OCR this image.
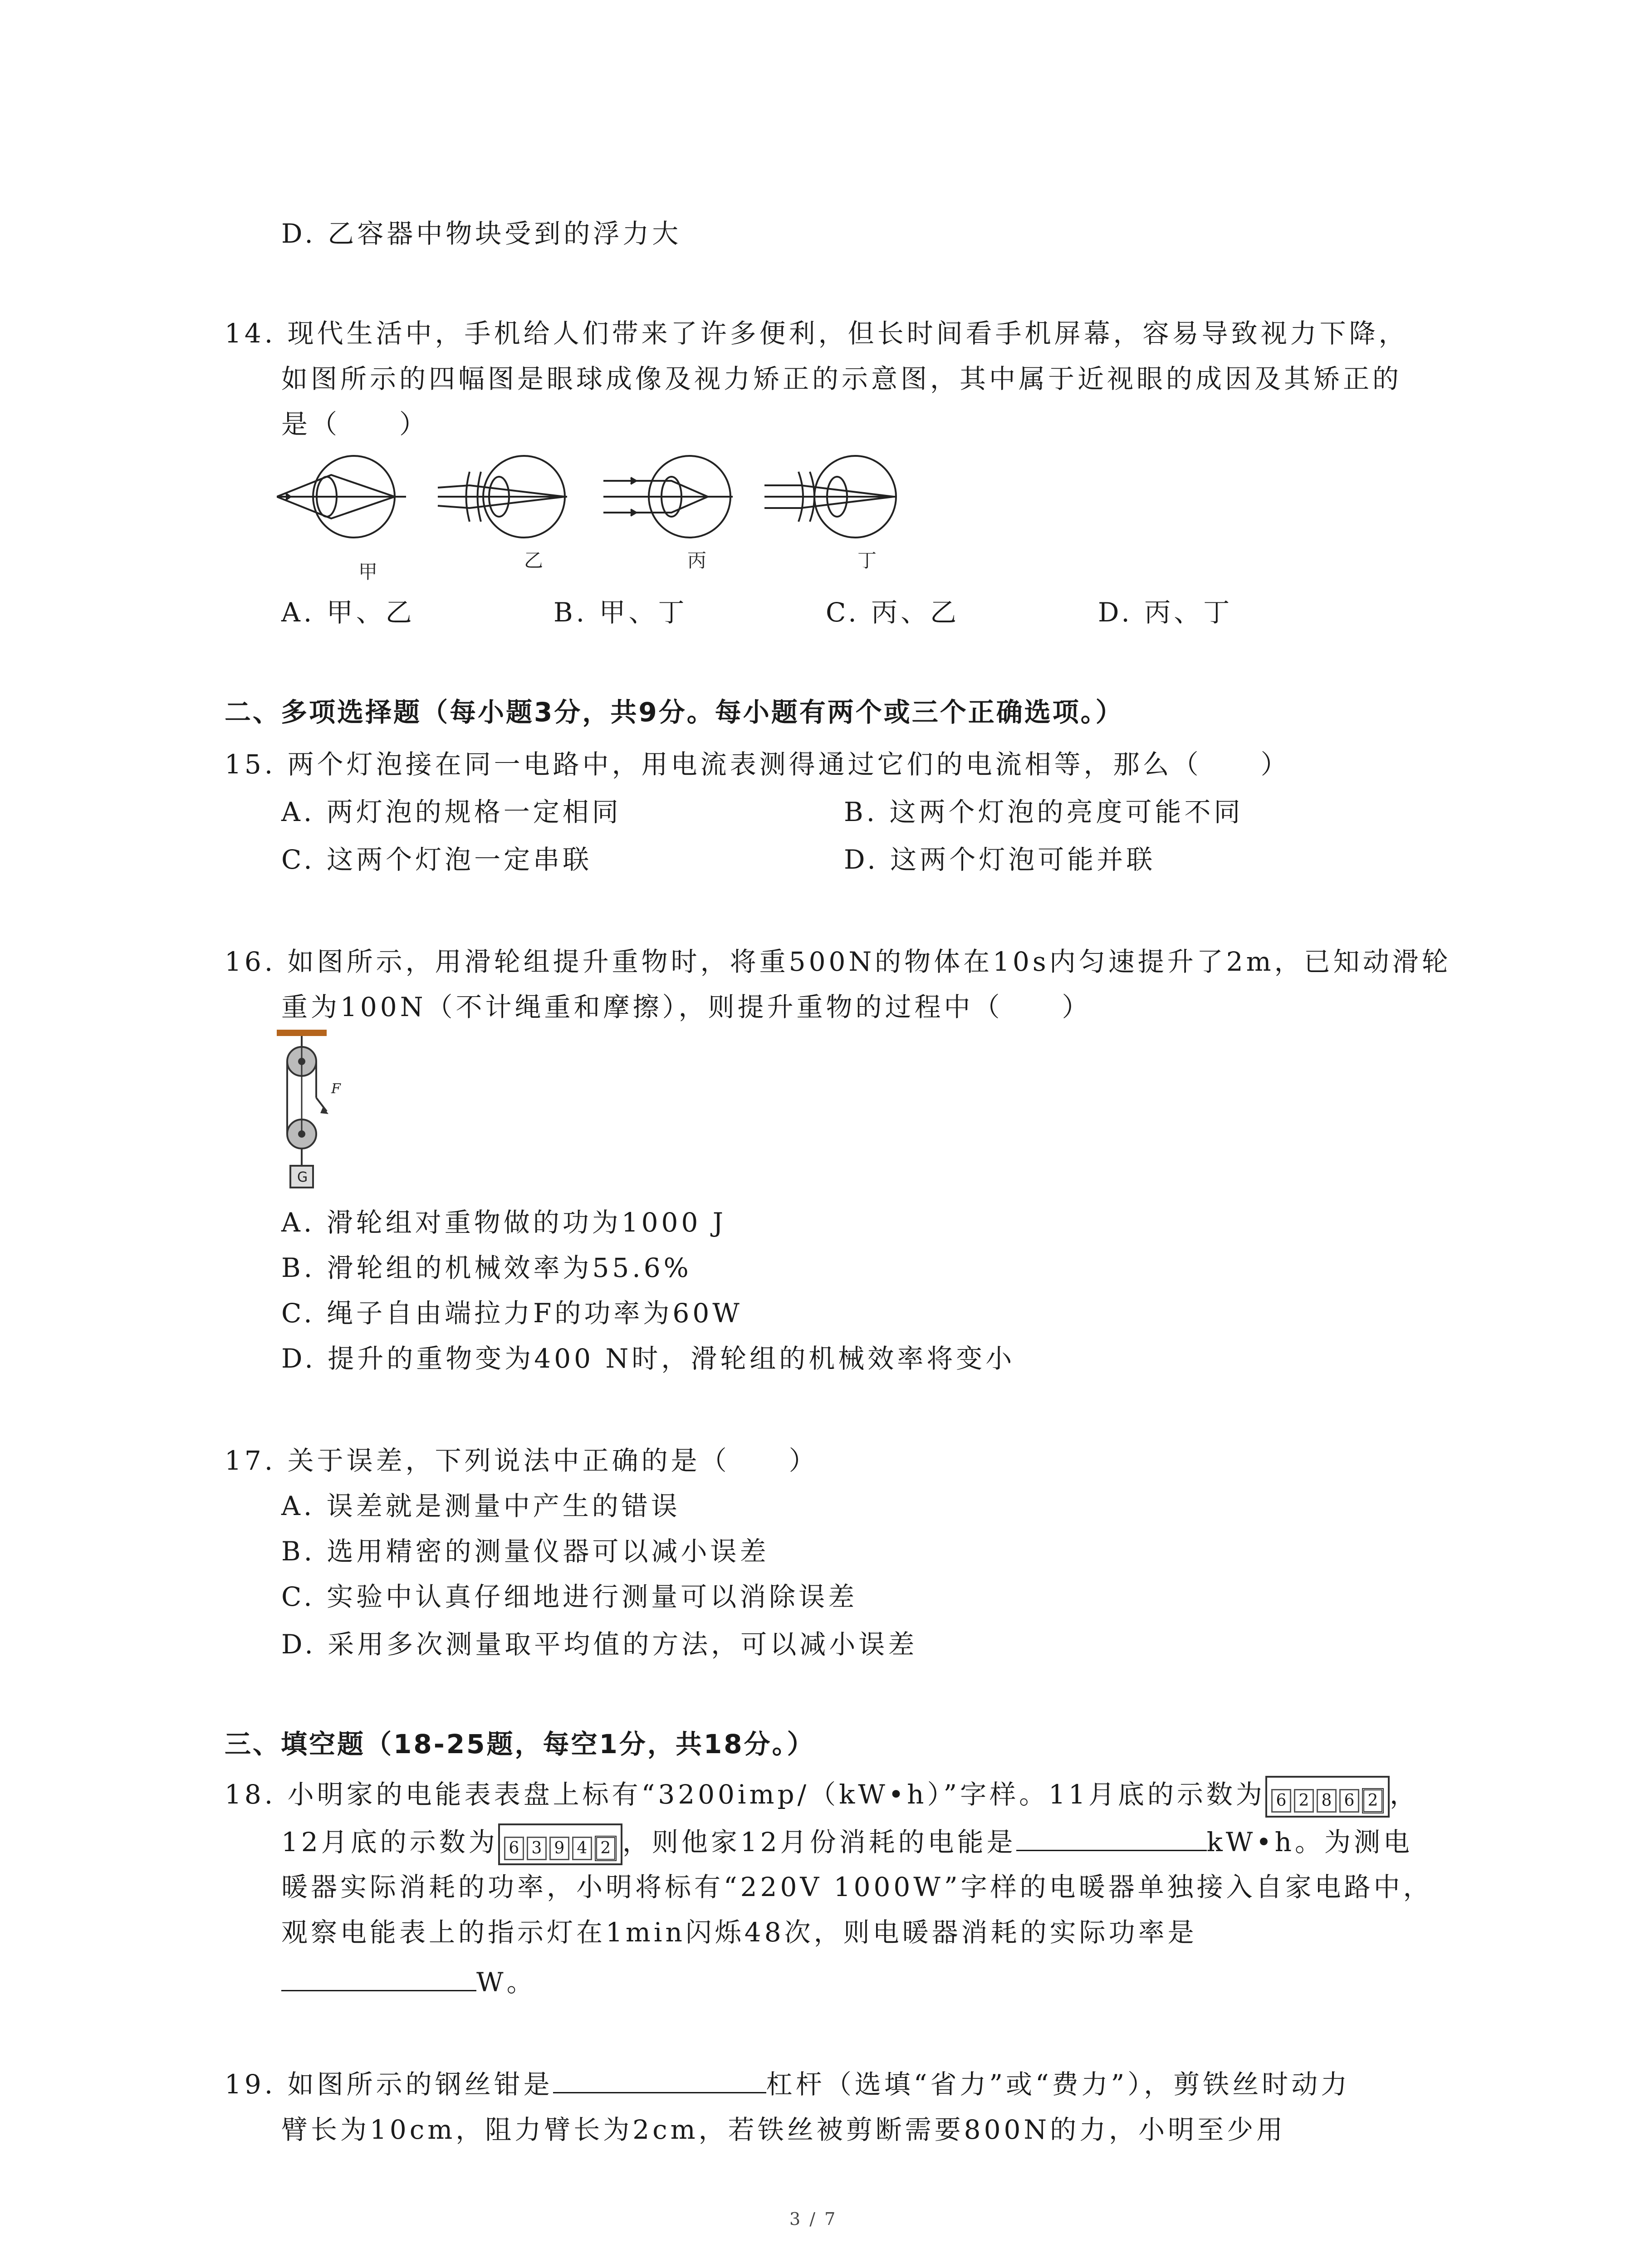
D. 乙容器中物块受到的浮力大
14. 现代生活中，手机给人们带来了许多便利，但长时间看手机屏幕，容易导致视力下降，
如图所示的四幅图是眼球成像及视力矫正的示意图，其中属于近视眼的成因及其矫正的
是（　　）
甲
乙	丙	丁
A. 甲、乙	B. 甲、丁	C. 丙、乙	D. 丙、丁
二、多项选择题（每小题3分，共9分。每小题有两个或三个正确选项。）
15. 两个灯泡接在同一电路中，用电流表测得通过它们的电流相等，那么（　　）
A. 两灯泡的规格一定相同	B. 这两个灯泡的亮度可能不同
C. 这两个灯泡一定串联	D. 这两个灯泡可能并联
16. 如图所示，用滑轮组提升重物时，将重500N的物体在10s内匀速提升了2m，已知动滑轮
重为100N（不计绳重和摩擦），则提升重物的过程中（　　）
F
G
A. 滑轮组对重物做的功为1000 J
B. 滑轮组的机械效率为55.6%
C. 绳子自由端拉力F的功率为60W
D. 提升的重物变为400 N时，滑轮组的机械效率将变小
17. 关于误差，下列说法中正确的是（　　）
A. 误差就是测量中产生的错误
B. 选用精密的测量仪器可以减小误差
C. 实验中认真仔细地进行测量可以消除误差
D. 采用多次测量取平均值的方法，可以减小误差
三、填空题（18-25题，每空1分，共18分。）
18. 小明家的电能表表盘上标有“3200imp/（kW•h）”字样。11月底的示数为 6 2 8 6 2 ，
12月底的示数为 6 3 9 4 2 ，则他家12月份消耗的电能是	kW•h。为测电
暖器实际消耗的功率，小明将标有“220V 1000W”字样的电暖器单独接入自家电路中，
观察电能表上的指示灯在1min闪烁48次，则电暖器消耗的实际功率是
W。
19. 如图所示的钢丝钳是	杠杆（选填“省力”或“费力”），剪铁丝时动力
臂长为10cm，阻力臂长为2cm，若铁丝被剪断需要800N的力，小明至少用
3 / 7
